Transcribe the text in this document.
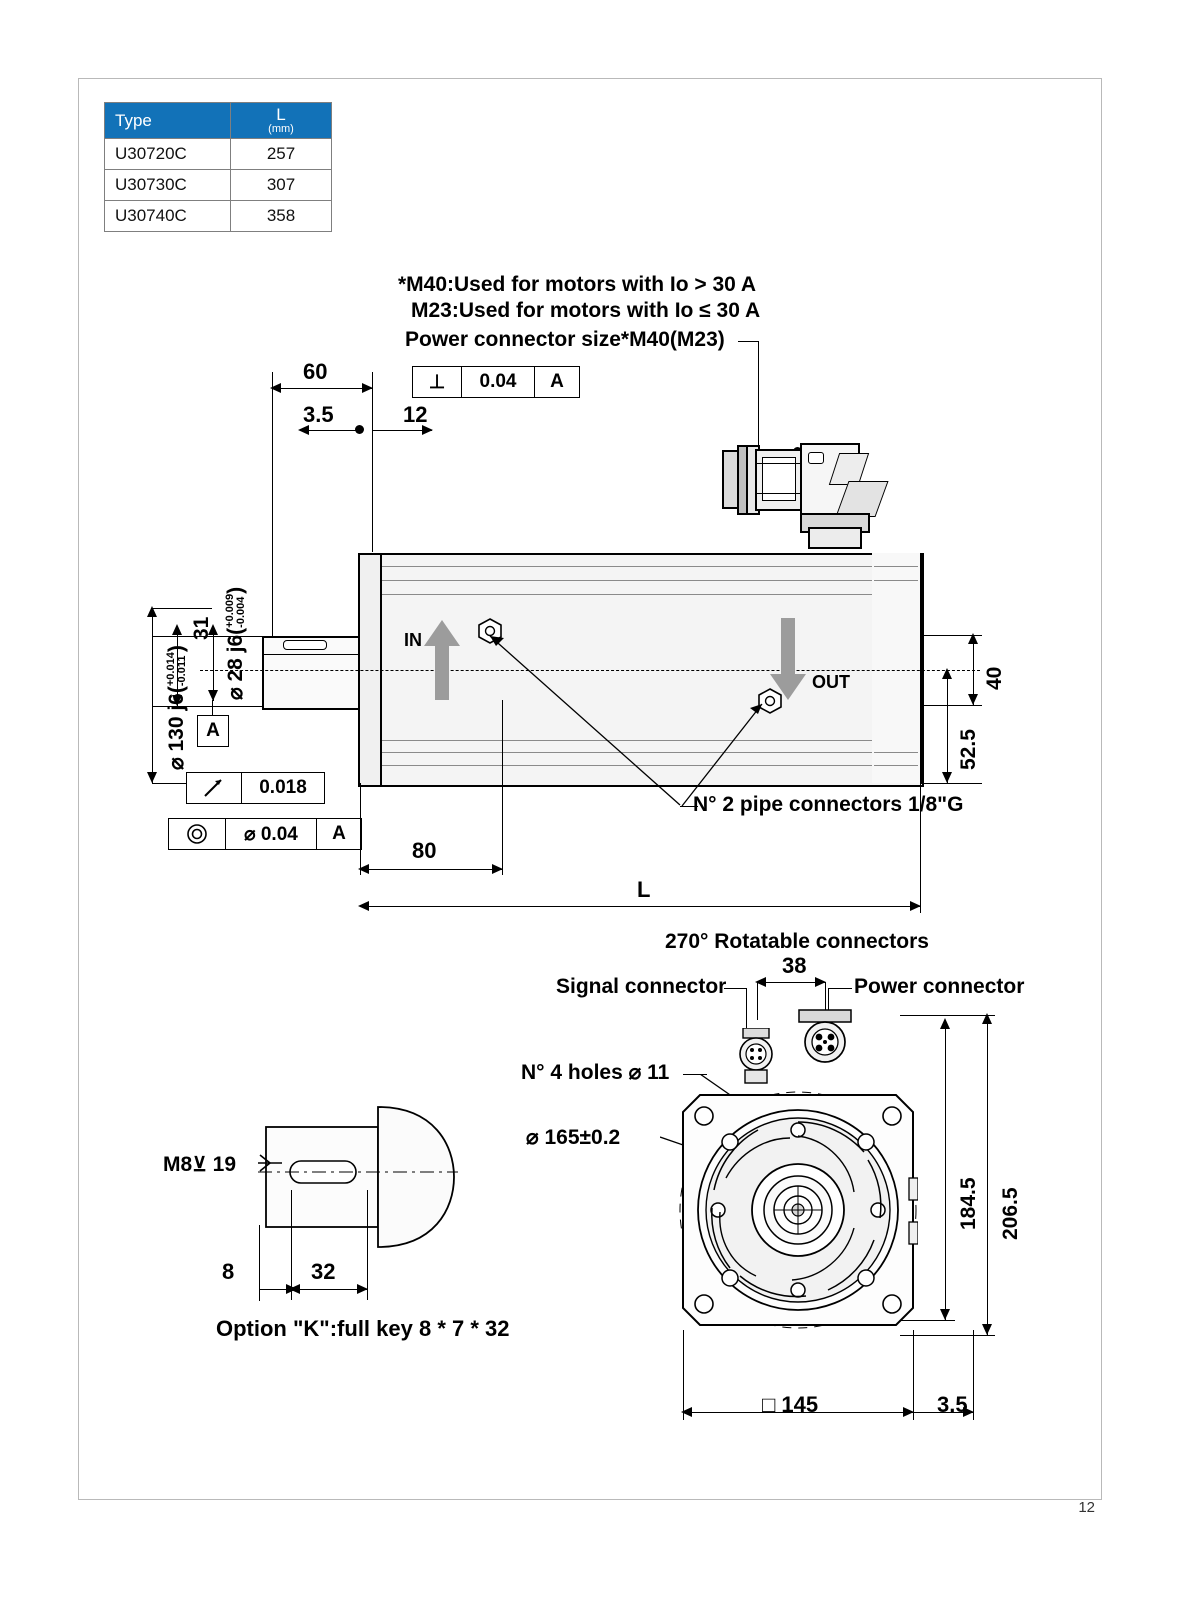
Type	L
(mm)

U30720C	257
U30730C	307
U30740C	358
*M40:Used for motors with Io > 30 A
M23:Used for motors with Io ≤ 30 A
Power connector size*M40(M23)
60
3.5	12
⊥	0.04	A
⌀ 130 j6(
+0.014 -0.011
) ⌀ 28 j6(
+0.009 -0.004
)
31
A
0.018
⌀ 0.04	A
IN
OUT
N° 2 pipe connectors 1/8"G
40
52.5
80
L
270° Rotatable connectors
Signal connector	Power connector
38
N° 4 holes ⌀ 11
⌀ 165±0.2
184.5 206.5
□ 145	3.5
M8⊻ 19
8	32
Option "K":full key 8 * 7 * 32
12
